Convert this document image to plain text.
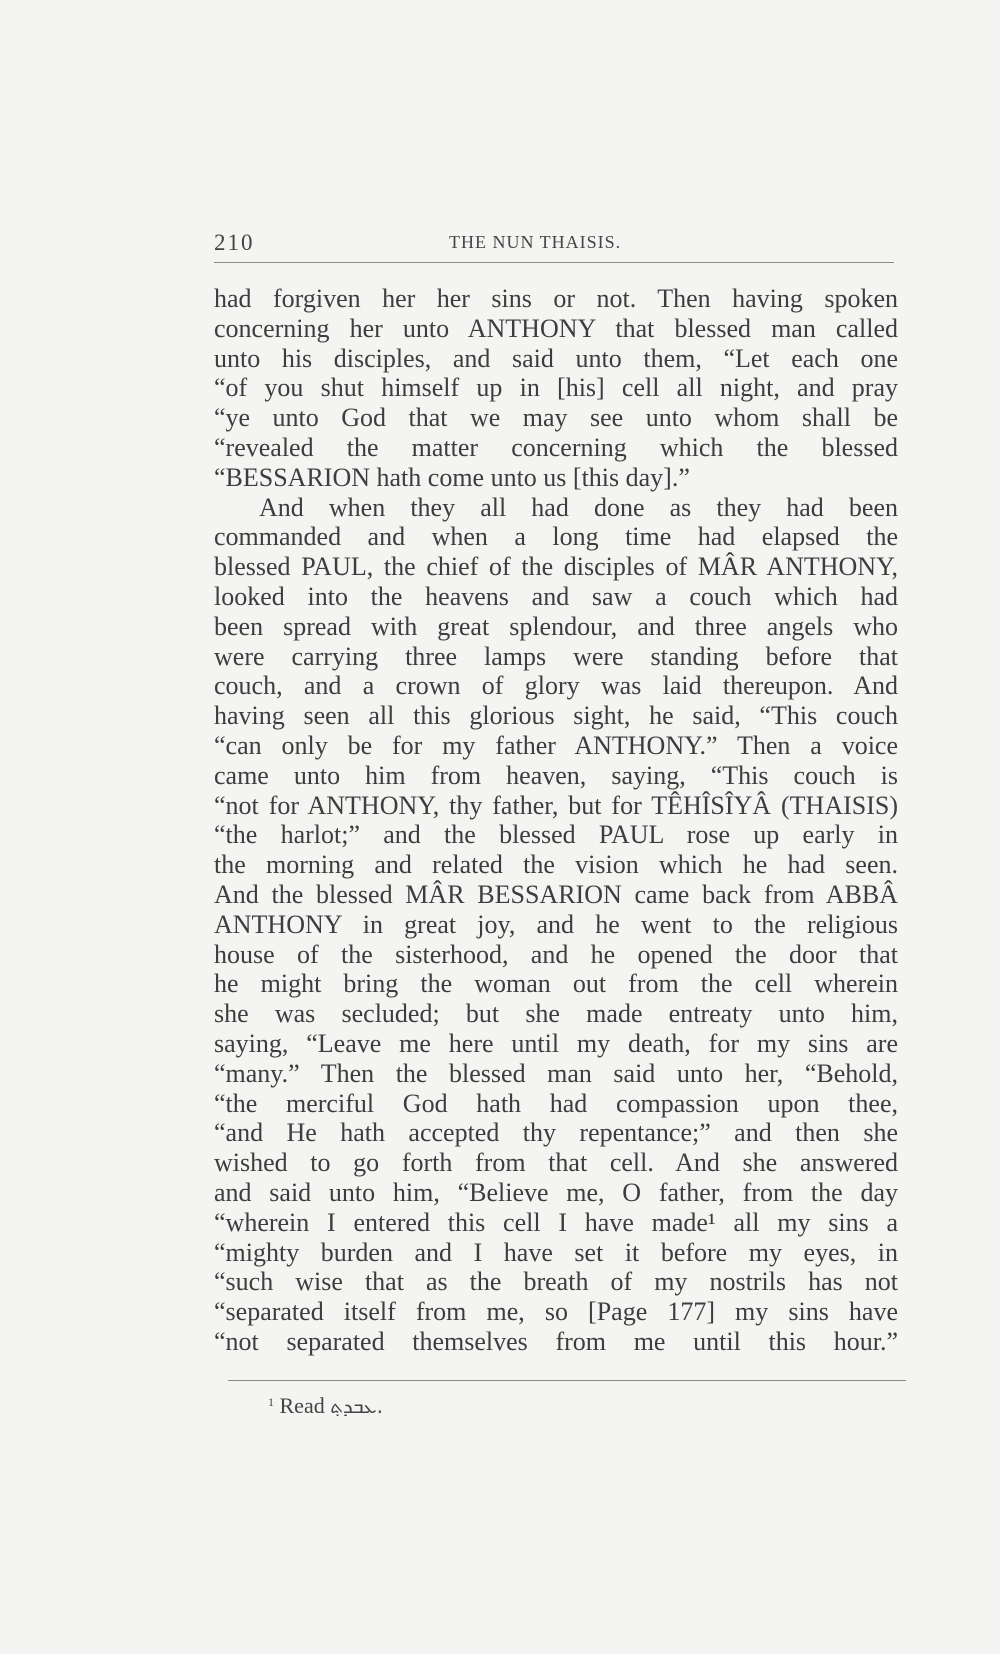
210	THE NUN THAISIS.
had forgiven her her sins or not. Then having spoken
concerning her unto ANTHONY that blessed man called
unto his disciples, and said unto them, “Let each one
“of you shut himself up in [his] cell all night, and pray
“ye unto God that we may see unto whom shall be
“revealed the matter concerning which the blessed
“BESSARION hath come unto us [this day].”
And when they all had done as they had been
commanded and when a long time had elapsed the
blessed PAUL, the chief of the disciples of MÂR ANTHONY,
looked into the heavens and saw a couch which had
been spread with great splendour, and three angels who
were carrying three lamps were standing before that
couch, and a crown of glory was laid thereupon. And
having seen all this glorious sight, he said, “This couch
“can only be for my father ANTHONY.” Then a voice
came unto him from heaven, saying, “This couch is
“not for ANTHONY, thy father, but for TÊHÎSÎYÂ (THAISIS)
“the harlot;” and the blessed PAUL rose up early in
the morning and related the vision which he had seen.
And the blessed MÂR BESSARION came back from ABBÂ
ANTHONY in great joy, and he went to the religious
house of the sisterhood, and he opened the door that
he might bring the woman out from the cell wherein
she was secluded; but she made entreaty unto him,
saying, “Leave me here until my death, for my sins are
“many.” Then the blessed man said unto her, “Behold,
“the merciful God hath had compassion upon thee,
“and He hath accepted thy repentance;” and then she
wished to go forth from that cell. And she answered
and said unto him, “Believe me, O father, from the day
“wherein I entered this cell I have made¹ all my sins a
“mighty burden and I have set it before my eyes, in
“such wise that as the breath of my nostrils has not
“separated itself from me, so [Page 177] my sins have
“not separated themselves from me until this hour.”
$^1$ Read ܥܒܕܬ݂.
